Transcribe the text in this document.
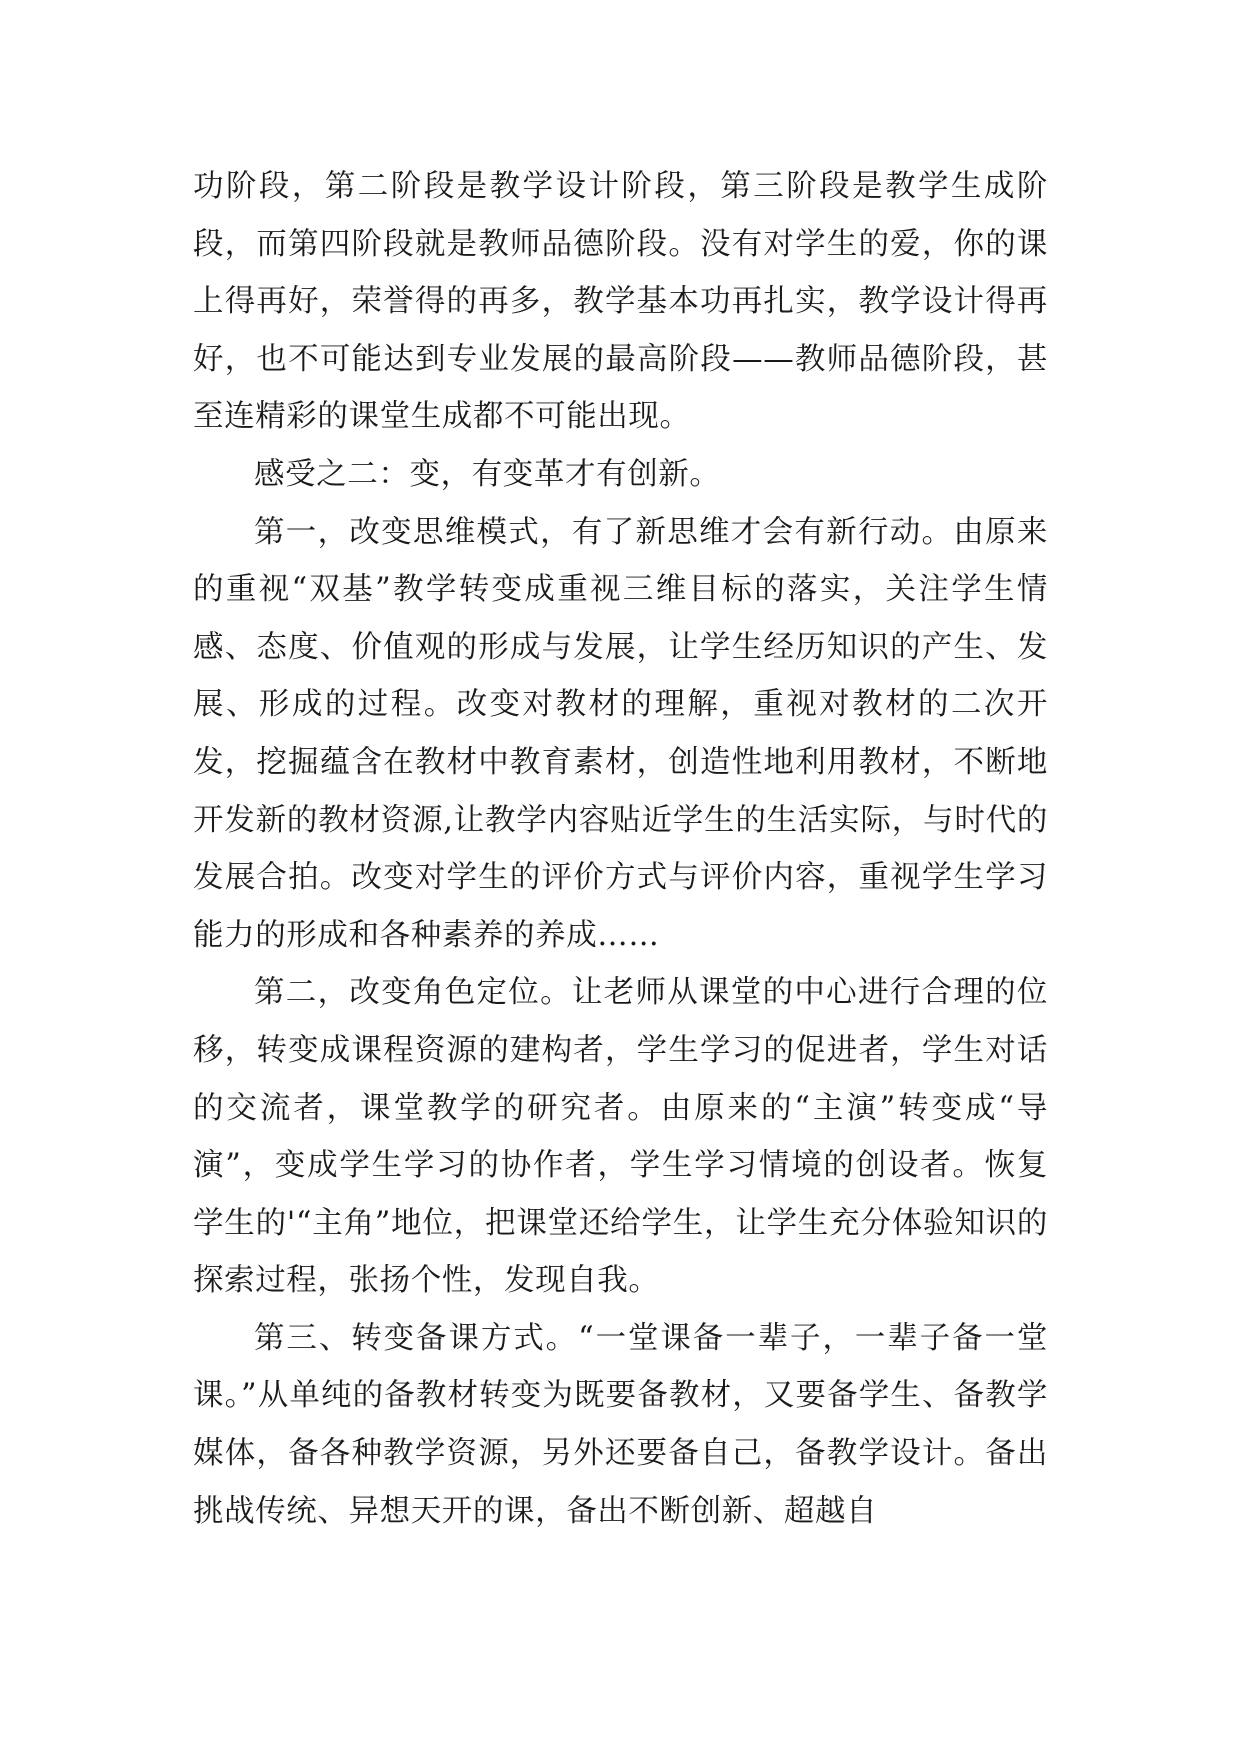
功阶段，第二阶段是教学设计阶段，第三阶段是教学生成阶段，而第四阶段就是教师品德阶段。没有对学生的爱，你的课上得再好，荣誉得的再多，教学基本功再扎实，教学设计得再好，也不可能达到专业发展的最高阶段——教师品德阶段，甚至连精彩的课堂生成都不可能出现。

感受之二：变，有变革才有创新。

第一，改变思维模式，有了新思维才会有新行动。由原来的重视“双基”教学转变成重视三维目标的落实，关注学生情感、态度、价值观的形成与发展，让学生经历知识的产生、发展、形成的过程。改变对教材的理解，重视对教材的二次开发，挖掘蕴含在教材中教育素材，创造性地利用教材，不断地开发新的教材资源,让教学内容贴近学生的生活实际，与时代的发展合拍。改变对学生的评价方式与评价内容，重视学生学习能力的形成和各种素养的养成……

第二，改变角色定位。让老师从课堂的中心进行合理的位移，转变成课程资源的建构者，学生学习的促进者，学生对话的交流者，课堂教学的研究者。由原来的“主演”转变成“导演”，变成学生学习的协作者，学生学习情境的创设者。恢复学生的'“主角”地位，把课堂还给学生，让学生充分体验知识的探索过程，张扬个性，发现自我。

第三、转变备课方式。“一堂课备一辈子，一辈子备一堂课。”从单纯的备教材转变为既要备教材，又要备学生、备教学媒体，备各种教学资源，另外还要备自己，备教学设计。备出挑战传统、异想天开的课，备出不断创新、超越自
